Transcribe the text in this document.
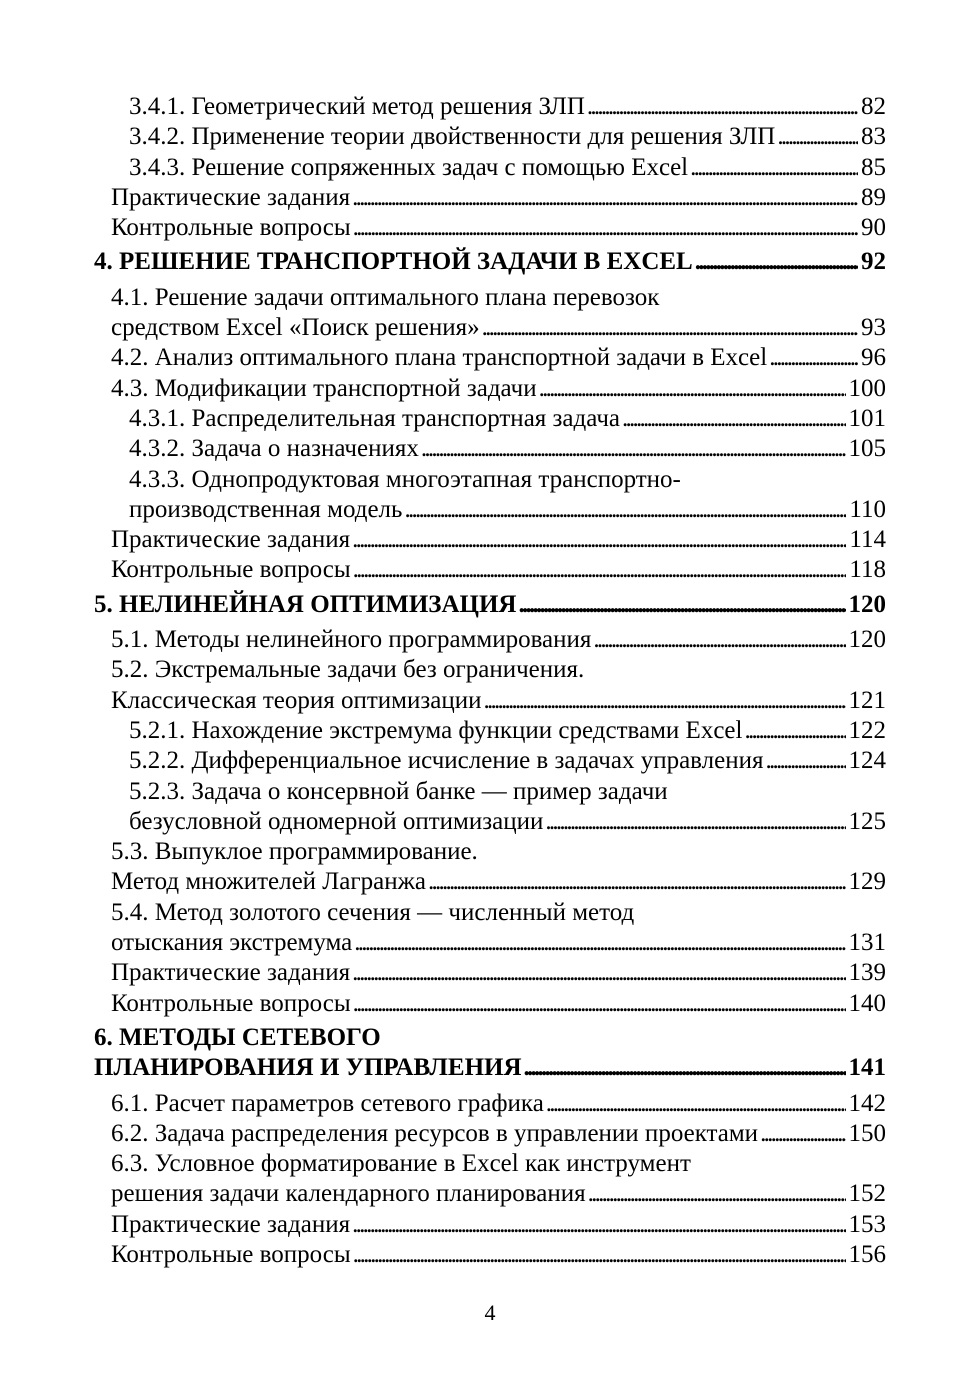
3.4.1. Геометрический метод решения ЗЛП . . .	82
3.4.2. Применение теории двойственности для решения ЗЛП . . .	83
3.4.3. Решение сопряженных задач с помощью Excel . . .	85
Практические задания . . .	89
Контрольные вопросы . . .	90
4. РЕШЕНИЕ ТРАНСПОРТНОЙ ЗАДАЧИ В EXCEL . . .	92
4.1. Решение задачи оптимального плана перевозок
средством Excel «Поиск решения» . . .	93
4.2. Анализ оптимального плана транспортной задачи в Excel . . .	96
4.3. Модификации транспортной задачи . . .	100
4.3.1. Распределительная транспортная задача . . .	101
4.3.2. Задача о назначениях . . .	105
4.3.3. Однопродуктовая многоэтапная транспортно-
производственная модель . . .	110
Практические задания . . .	114
Контрольные вопросы . . .	118
5. НЕЛИНЕЙНАЯ ОПТИМИЗАЦИЯ . . .	120
5.1. Методы нелинейного программирования . . .	120
5.2. Экстремальные задачи без ограничения.
Классическая теория оптимизации . . .	121
5.2.1. Нахождение экстремума функции средствами Excel . . .	122
5.2.2. Дифференциальное исчисление в задачах управления . . .	124
5.2.3. Задача о консервной банке — пример задачи
безусловной одномерной оптимизации . . .	125
5.3. Выпуклое программирование.
Метод множителей Лагранжа . . .	129
5.4. Метод золотого сечения — численный метод
отыскания экстремума . . .	131
Практические задания . . .	139
Контрольные вопросы . . .	140
6. МЕТОДЫ СЕТЕВОГО
ПЛАНИРОВАНИЯ И УПРАВЛЕНИЯ . . .	141
6.1. Расчет параметров сетевого графика . . .	142
6.2. Задача распределения ресурсов в управлении проектами . . .	150
6.3. Условное форматирование в Excel как инструмент
решения задачи календарного планирования . . .	152
Практические задания . . .	153
Контрольные вопросы . . .	156
4
